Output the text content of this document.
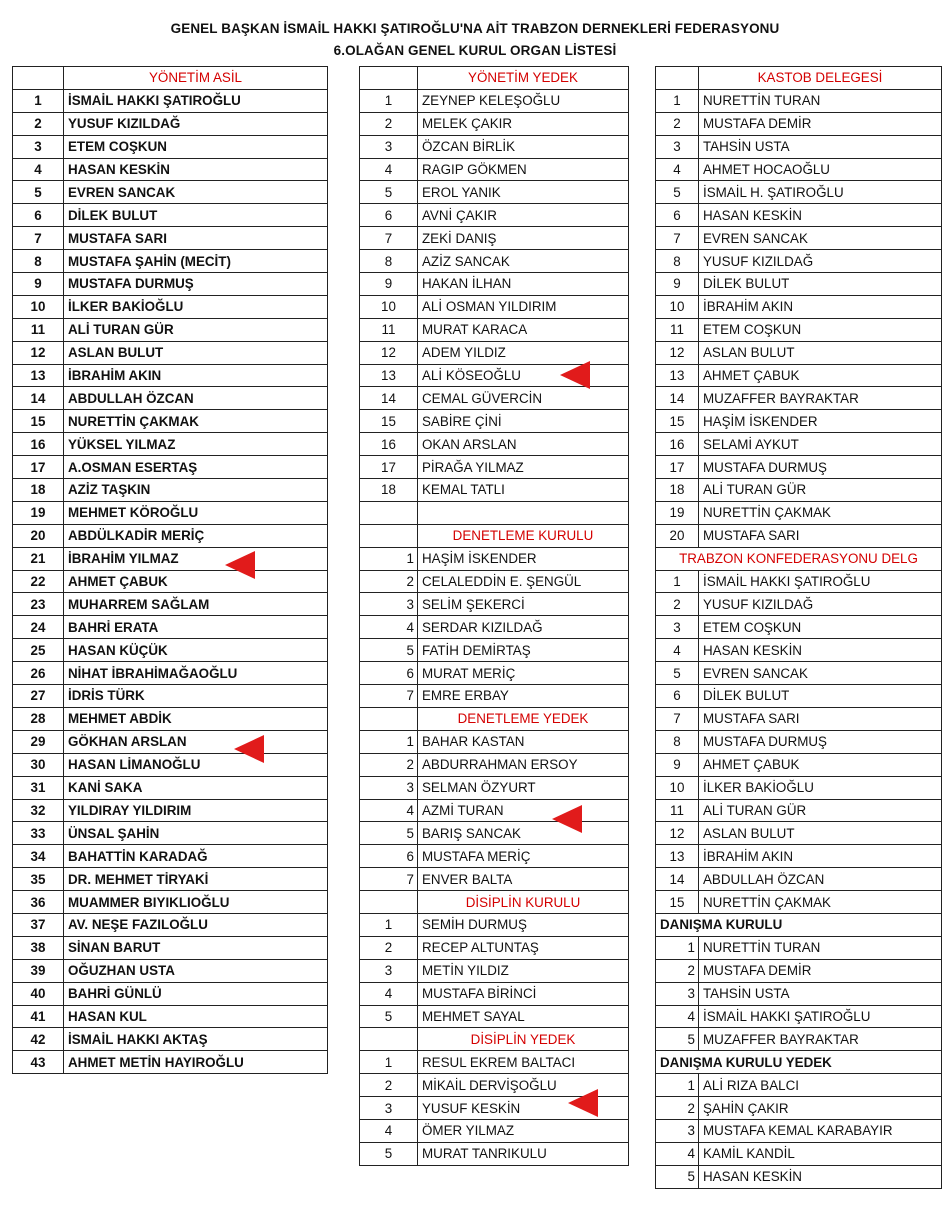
GENEL BAŞKAN İSMAİL HAKKI ŞATIROĞLU'NA AİT TRABZON DERNEKLERİ FEDERASYONU
6.OLAĞAN GENEL KURUL ORGAN LİSTESİ
	YÖNETİM ASİL
1	İSMAİL HAKKI ŞATIROĞLU
2	YUSUF KIZILDAĞ
3	ETEM COŞKUN
4	HASAN KESKİN
5	EVREN SANCAK
6	DİLEK BULUT
7	MUSTAFA SARI
8	MUSTAFA ŞAHİN (MECİT)
9	MUSTAFA DURMUŞ
10	İLKER BAKİOĞLU
11	ALİ TURAN GÜR
12	ASLAN BULUT
13	İBRAHİM AKIN
14	ABDULLAH ÖZCAN
15	NURETTİN ÇAKMAK
16	YÜKSEL YILMAZ
17	A.OSMAN ESERTAŞ
18	AZİZ TAŞKIN
19	MEHMET KÖROĞLU
20	ABDÜLKADİR MERİÇ
21	İBRAHİM YILMAZ
22	AHMET ÇABUK
23	MUHARREM SAĞLAM
24	BAHRİ ERATA
25	HASAN KÜÇÜK
26	NİHAT İBRAHİMAĞAOĞLU
27	İDRİS TÜRK
28	MEHMET ABDİK
29	GÖKHAN ARSLAN
30	HASAN LİMANOĞLU
31	KANİ SAKA
32	YILDIRAY YILDIRIM
33	ÜNSAL ŞAHİN
34	BAHATTİN KARADAĞ
35	DR. MEHMET TİRYAKİ
36	MUAMMER BIYIKLIOĞLU
37	AV. NEŞE FAZILOĞLU
38	SİNAN BARUT
39	OĞUZHAN USTA
40	BAHRİ GÜNLÜ
41	HASAN KUL
42	İSMAİL HAKKI AKTAŞ
43	AHMET METİN HAYIROĞLU
	YÖNETİM YEDEK
1	ZEYNEP KELEŞOĞLU
2	MELEK ÇAKIR
3	ÖZCAN BİRLİK
4	RAGIP GÖKMEN
5	EROL YANIK
6	AVNİ ÇAKIR
7	ZEKİ DANIŞ
8	AZİZ SANCAK
9	HAKAN İLHAN
10	ALİ OSMAN YILDIRIM
11	MURAT KARACA
12	ADEM YILDIZ
13	ALİ KÖSEOĞLU
14	CEMAL GÜVERCİN
15	SABİRE ÇİNİ
16	OKAN ARSLAN
17	PİRAĞA YILMAZ
18	KEMAL TATLI

	DENETLEME KURULU
1	HAŞİM İSKENDER
2	CELALEDDİN E. ŞENGÜL
3	SELİM ŞEKERCİ
4	SERDAR KIZILDAĞ
5	FATİH DEMİRTAŞ
6	MURAT MERİÇ
7	EMRE ERBAY
	DENETLEME YEDEK
1	BAHAR KASTAN
2	ABDURRAHMAN ERSOY
3	SELMAN ÖZYURT
4	AZMİ TURAN
5	BARIŞ SANCAK
6	MUSTAFA MERİÇ
7	ENVER BALTA
	DİSİPLİN KURULU
1	SEMİH DURMUŞ
2	RECEP ALTUNTAŞ
3	METİN YILDIZ
4	MUSTAFA BİRİNCİ
5	MEHMET SAYAL
	DİSİPLİN YEDEK
1	RESUL EKREM BALTACI
2	MİKAİL DERVİŞOĞLU
3	YUSUF KESKİN
4	ÖMER YILMAZ
5	MURAT TANRIKULU
	KASTOB DELEGESİ
1	NURETTİN TURAN
2	MUSTAFA DEMİR
3	TAHSİN USTA
4	AHMET HOCAOĞLU
5	İSMAİL H. ŞATIROĞLU
6	HASAN KESKİN
7	EVREN SANCAK
8	YUSUF KIZILDAĞ
9	DİLEK BULUT
10	İBRAHİM AKIN
11	ETEM COŞKUN
12	ASLAN BULUT
13	AHMET ÇABUK
14	MUZAFFER BAYRAKTAR
15	HAŞİM İSKENDER
16	SELAMİ AYKUT
17	MUSTAFA DURMUŞ
18	ALİ TURAN GÜR
19	NURETTİN ÇAKMAK
20	MUSTAFA SARI
TRABZON KONFEDERASYONU DELG	
1	İSMAİL HAKKI ŞATIROĞLU
2	YUSUF KIZILDAĞ
3	ETEM COŞKUN
4	HASAN KESKİN
5	EVREN SANCAK
6	DİLEK BULUT
7	MUSTAFA SARI
8	MUSTAFA DURMUŞ
9	AHMET ÇABUK
10	İLKER BAKİOĞLU
11	ALİ TURAN GÜR
12	ASLAN BULUT
13	İBRAHİM AKIN
14	ABDULLAH ÖZCAN
15	NURETTİN ÇAKMAK
DANIŞMA KURULU	
1	NURETTİN TURAN
2	MUSTAFA DEMİR
3	TAHSİN USTA
4	İSMAİL HAKKI ŞATIROĞLU
5	MUZAFFER BAYRAKTAR
DANIŞMA KURULU YEDEK	
1	ALİ RIZA BALCI
2	ŞAHİN ÇAKIR
3	MUSTAFA KEMAL KARABAYIR
4	KAMİL KANDİL
5	HASAN KESKİN
